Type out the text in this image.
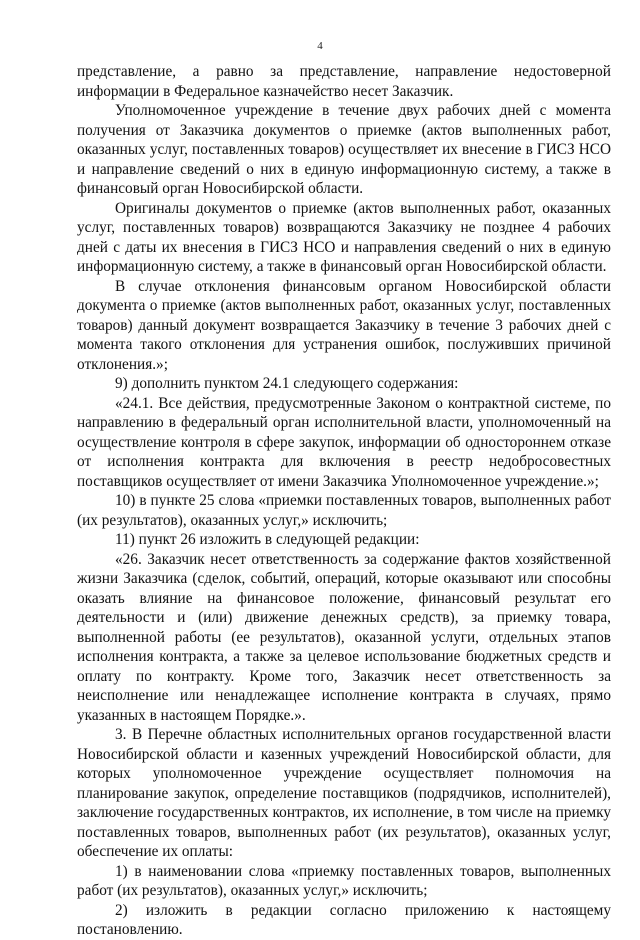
4

представление, а равно за представление, направление недостоверной информации в Федеральное казначейство несет Заказчик.

Уполномоченное учреждение в течение двух рабочих дней с момента получения от Заказчика документов о приемке (актов выполненных работ, оказанных услуг, поставленных товаров) осуществляет их внесение в ГИСЗ НСО и направление сведений о них в единую информационную систему, а также в финансовый орган Новосибирской области.

Оригиналы документов о приемке (актов выполненных работ, оказанных услуг, поставленных товаров) возвращаются Заказчику не позднее 4 рабочих дней с даты их внесения в ГИСЗ НСО и направления сведений о них в единую информационную систему, а также в финансовый орган Новосибирской области.

В случае отклонения финансовым органом Новосибирской области документа о приемке (актов выполненных работ, оказанных услуг, поставленных товаров) данный документ возвращается Заказчику в течение 3 рабочих дней с момента такого отклонения для устранения ошибок, послуживших причиной отклонения.»;

9) дополнить пунктом 24.1 следующего содержания:

«24.1. Все действия, предусмотренные Законом о контрактной системе, по направлению в федеральный орган исполнительной власти, уполномоченный на осуществление контроля в сфере закупок, информации об одностороннем отказе от исполнения контракта для включения в реестр недобросовестных поставщиков осуществляет от имени Заказчика Уполномоченное учреждение.»;

10) в пункте 25 слова «приемки поставленных товаров, выполненных работ (их результатов), оказанных услуг,» исключить;

11) пункт 26 изложить в следующей редакции:

«26. Заказчик несет ответственность за содержание фактов хозяйственной жизни Заказчика (сделок, событий, операций, которые оказывают или способны оказать влияние на финансовое положение, финансовый результат его деятельности и (или) движение денежных средств), за приемку товара, выполненной работы (ее результатов), оказанной услуги, отдельных этапов исполнения контракта, а также за целевое использование бюджетных средств и оплату по контракту. Кроме того, Заказчик несет ответственность за неисполнение или ненадлежащее исполнение контракта в случаях, прямо указанных в настоящем Порядке.».

3. В Перечне областных исполнительных органов государственной власти Новосибирской области и казенных учреждений Новосибирской области, для которых уполномоченное учреждение осуществляет полномочия на планирование закупок, определение поставщиков (подрядчиков, исполнителей), заключение государственных контрактов, их исполнение, в том числе на приемку поставленных товаров, выполненных работ (их результатов), оказанных услуг, обеспечение их оплаты:

1) в наименовании слова «приемку поставленных товаров, выполненных работ (их результатов), оказанных услуг,» исключить;

2) изложить в редакции согласно приложению к настоящему постановлению.
